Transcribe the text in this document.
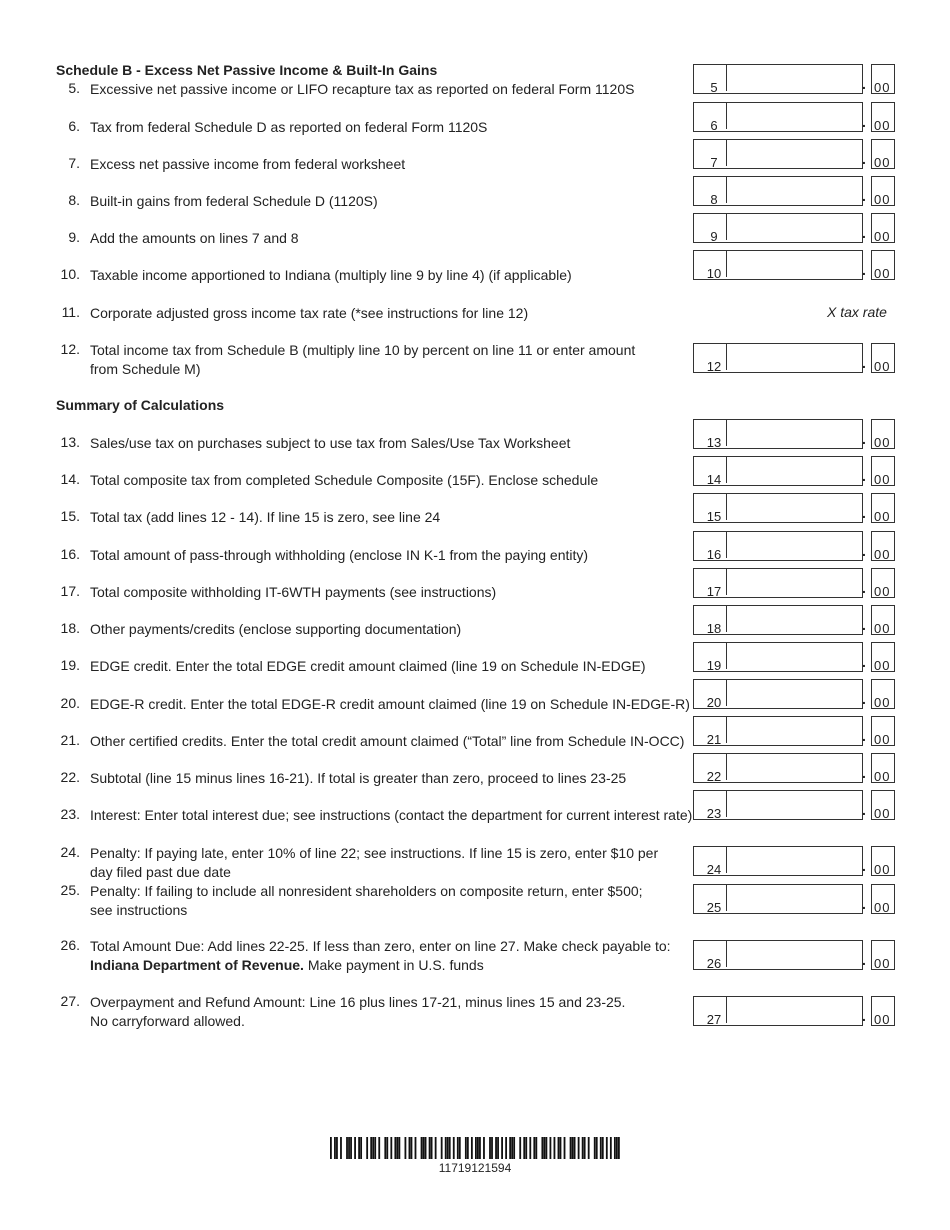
Schedule B - Excess Net Passive Income & Built-In Gains
Summary of Calculations
5. Excessive net passive income or LIFO recapture tax as reported on federal Form 1120S	5	. 00
6. Tax from federal Schedule D as reported on federal Form 1120S	6	. 00
7. Excess net passive income from federal worksheet	7	. 00
8. Built-in gains from federal Schedule D (1120S)	8	. 00
9. Add the amounts on lines 7 and 8	9	. 00
10. Taxable income apportioned to Indiana (multiply line 9 by line 4) (if applicable)	10	. 00
11. Corporate adjusted gross income tax rate (*see instructions for line 12)	X tax rate
12. Total income tax from Schedule B (multiply line 10 by percent on line 11 or enter amount
from Schedule M)	12	. 00
13. Sales/use tax on purchases subject to use tax from Sales/Use Tax Worksheet	13	. 00
14. Total composite tax from completed Schedule Composite (15F). Enclose schedule	14	. 00
15. Total tax (add lines 12 - 14). If line 15 is zero, see line 24	15	. 00
16. Total amount of pass-through withholding (enclose IN K-1 from the paying entity)	16	. 00
17. Total composite withholding IT-6WTH payments (see instructions)	17	. 00
18. Other payments/credits (enclose supporting documentation)	18	. 00
19. EDGE credit. Enter the total EDGE credit amount claimed (line 19 on Schedule IN-EDGE)	19	. 00
20. EDGE-R credit. Enter the total EDGE-R credit amount claimed (line 19 on Schedule IN-EDGE-R)	20	. 00
21. Other certified credits. Enter the total credit amount claimed (“Total” line from Schedule IN-OCC)	21	. 00
22. Subtotal (line 15 minus lines 16-21). If total is greater than zero, proceed to lines 23-25	22	. 00
23. Interest: Enter total interest due; see instructions (contact the department for current interest rate)	23	. 00
24. Penalty: If paying late, enter 10% of line 22; see instructions. If line 15 is zero, enter $10 per
day filed past due date	24	. 00
25. Penalty: If failing to include all nonresident shareholders on composite return, enter $500;
see instructions	25	. 00
26. Total Amount Due: Add lines 22-25. If less than zero, enter on line 27. Make check payable to:
Indiana Department of Revenue. Make payment in U.S. funds	26	. 00
27. Overpayment and Refund Amount: Line 16 plus lines 17-21, minus lines 15 and 23-25.
No carryforward allowed.	27	. 00
11719121594
